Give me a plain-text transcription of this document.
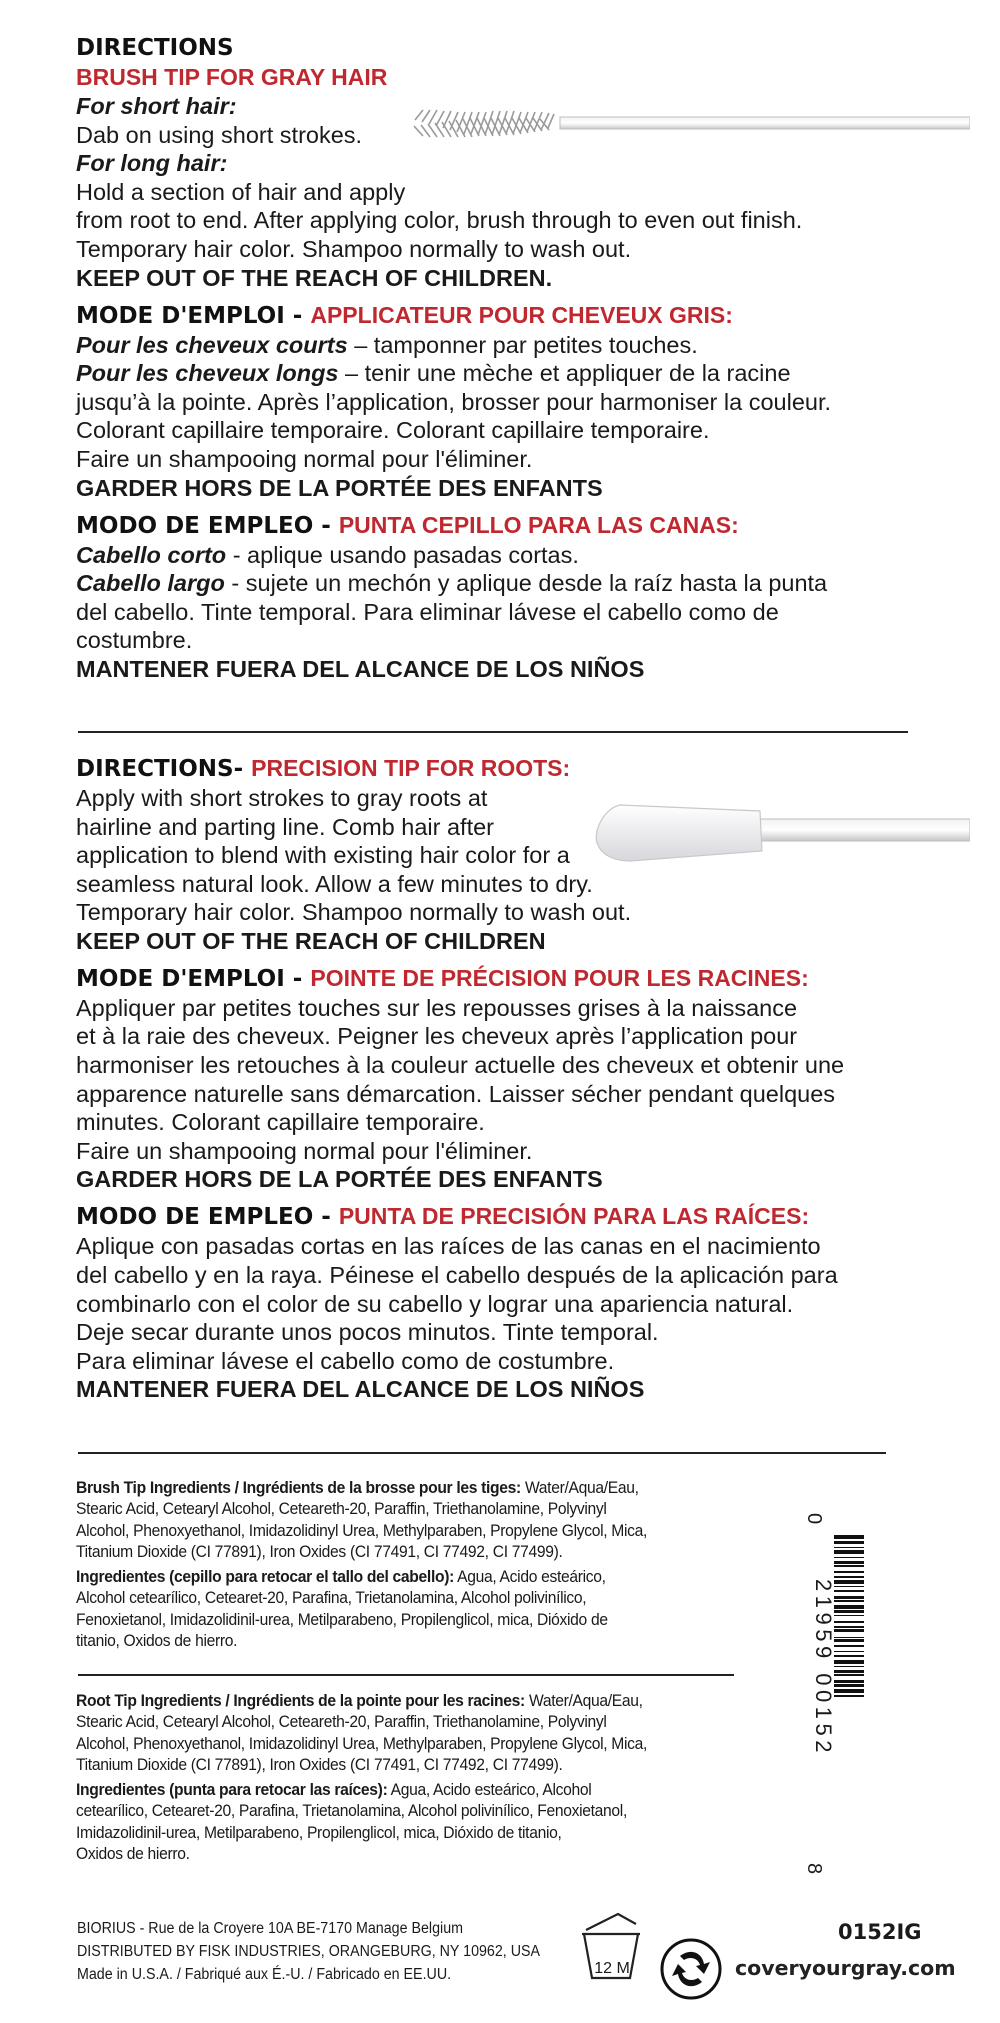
DIRECTIONS

BRUSH TIP FOR GRAY HAIR

For short hair:

Dab on using short strokes.

For long hair:

Hold a section of hair and apply

from root to end. After applying color, brush through to even out finish.

Temporary hair color. Shampoo normally to wash out.

KEEP OUT OF THE REACH OF CHILDREN.

MODE D'EMPLOI - APPLICATEUR POUR CHEVEUX GRIS:

Pour les cheveux courts – tamponner par petites touches.

Pour les cheveux longs – tenir une mèche et appliquer de la racine

jusqu’à la pointe. Après l’application, brosser pour harmoniser la couleur.

Colorant capillaire temporaire. Colorant capillaire temporaire.

Faire un shampooing normal pour l'éliminer.

GARDER HORS DE LA PORTÉE DES ENFANTS

MODO DE EMPLEO - PUNTA CEPILLO PARA LAS CANAS:

Cabello corto - aplique usando pasadas cortas.

Cabello largo - sujete un mechón y aplique desde la raíz hasta la punta

del cabello. Tinte temporal. Para eliminar lávese el cabello como de

costumbre.

MANTENER FUERA DEL ALCANCE DE LOS NIÑOS

DIRECTIONS- PRECISION TIP FOR ROOTS:

Apply with short strokes to gray roots at

hairline and parting line. Comb hair after

application to blend with existing hair color for a

seamless natural look. Allow a few minutes to dry.

Temporary hair color. Shampoo normally to wash out.

KEEP OUT OF THE REACH OF CHILDREN

MODE D'EMPLOI - POINTE DE PRÉCISION POUR LES RACINES:

Appliquer par petites touches sur les repousses grises à la naissance

et à la raie des cheveux. Peigner les cheveux après l’application pour

harmoniser les retouches à la couleur actuelle des cheveux et obtenir une

apparence naturelle sans démarcation. Laisser sécher pendant quelques

minutes. Colorant capillaire temporaire.

Faire un shampooing normal pour l'éliminer.

GARDER HORS DE LA PORTÉE DES ENFANTS

MODO DE EMPLEO - PUNTA DE PRECISIÓN PARA LAS RAÍCES:

Aplique con pasadas cortas en las raíces de las canas en el nacimiento

del cabello y en la raya. Péinese el cabello después de la aplicación para

combinarlo con el color de su cabello y lograr una apariencia natural.

Deje secar durante unos pocos minutos. Tinte temporal.

Para eliminar lávese el cabello como de costumbre.

MANTENER FUERA DEL ALCANCE DE LOS NIÑOS

Brush Tip Ingredients / Ingrédients de la brosse pour les tiges: Water/Aqua/Eau,
Stearic Acid, Cetearyl Alcohol, Ceteareth-20, Paraffin, Triethanolamine, Polyvinyl
Alcohol, Phenoxyethanol, Imidazolidinyl Urea, Methylparaben, Propylene Glycol, Mica,
Titanium Dioxide (CI 77891), Iron Oxides (CI 77491, CI 77492, CI 77499).

Ingredientes (cepillo para retocar el tallo del cabello): Agua, Acido esteárico,
Alcohol cetearílico, Cetearet-20, Parafina, Trietanolamina, Alcohol polivinílico,
Fenoxietanol, Imidazolidinil-urea, Metilparabeno, Propilenglicol, mica, Dióxido de
titanio, Oxidos de hierro.

Root Tip Ingredients / Ingrédients de la pointe pour les racines: Water/Aqua/Eau,
Stearic Acid, Cetearyl Alcohol, Ceteareth-20, Paraffin, Triethanolamine, Polyvinyl
Alcohol, Phenoxyethanol, Imidazolidinyl Urea, Methylparaben, Propylene Glycol, Mica,
Titanium Dioxide (CI 77891), Iron Oxides (CI 77491, CI 77492, CI 77499).

Ingredientes (punta para retocar las raíces): Agua, Acido esteárico, Alcohol
cetearílico, Cetearet-20, Parafina, Trietanolamina, Alcohol polivinílico, Fenoxietanol,
Imidazolidinil-urea, Metilparabeno, Propilenglicol, mica, Dióxido de titanio,
Oxidos de hierro.

0
21959 00152
8
BIORIUS - Rue de la Croyere 10A BE-7170 Manage Belgium
DISTRIBUTED BY FISK INDUSTRIES, ORANGEBURG, NY 10962, USA
Made in U.S.A. / Fabriqué aux É.-U. / Fabricado en EE.UU.	12 M
0152IG
coveryourgray.com
